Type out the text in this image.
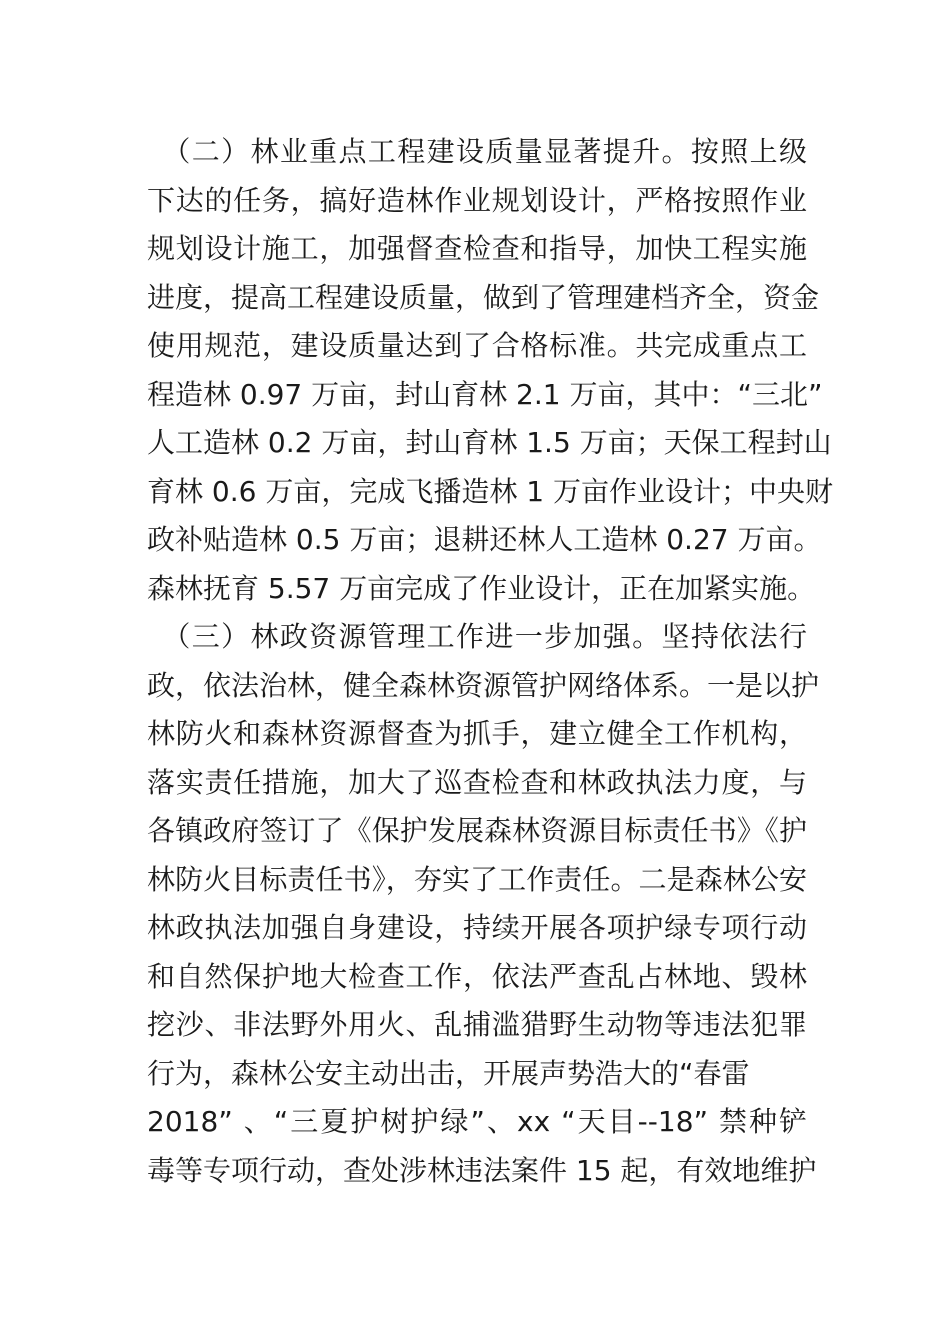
　（二）林业重点工程建设质量显著提升。按照上级
下达的任务，搞好造林作业规划设计，严格按照作业
规划设计施工，加强督查检查和指导，加快工程实施
进度，提高工程建设质量，做到了管理建档齐全，资金
使用规范，建设质量达到了合格标准。共完成重点工
程造林 0.97 万亩，封山育林 2.1 万亩，其中：“三北”
人工造林 0.2 万亩，封山育林 1.5 万亩；天保工程封山
育林 0.6 万亩，完成飞播造林 1 万亩作业设计；中央财
政补贴造林 0.5 万亩；退耕还林人工造林 0.27 万亩。
森林抚育 5.57 万亩完成了作业设计，正在加紧实施。
　（三）林政资源管理工作进一步加强。坚持依法行
政，依法治林，健全森林资源管护网络体系。一是以护
林防火和森林资源督查为抓手，建立健全工作机构，
落实责任措施，加大了巡查检查和林政执法力度，与
各镇政府签订了《保护发展森林资源目标责任书》《护
林防火目标责任书》，夯实了工作责任。二是森林公安
林政执法加强自身建设，持续开展各项护绿专项行动
和自然保护地大检查工作，依法严查乱占林地、毁林
挖沙、非法野外用火、乱捕滥猎野生动物等违法犯罪
行为，森林公安主动出击，开展声势浩大的“春雷
2018” 、“三夏护树护绿”、xx “天目--18” 禁种铲
毒等专项行动，查处涉林违法案件 15 起，有效地维护
